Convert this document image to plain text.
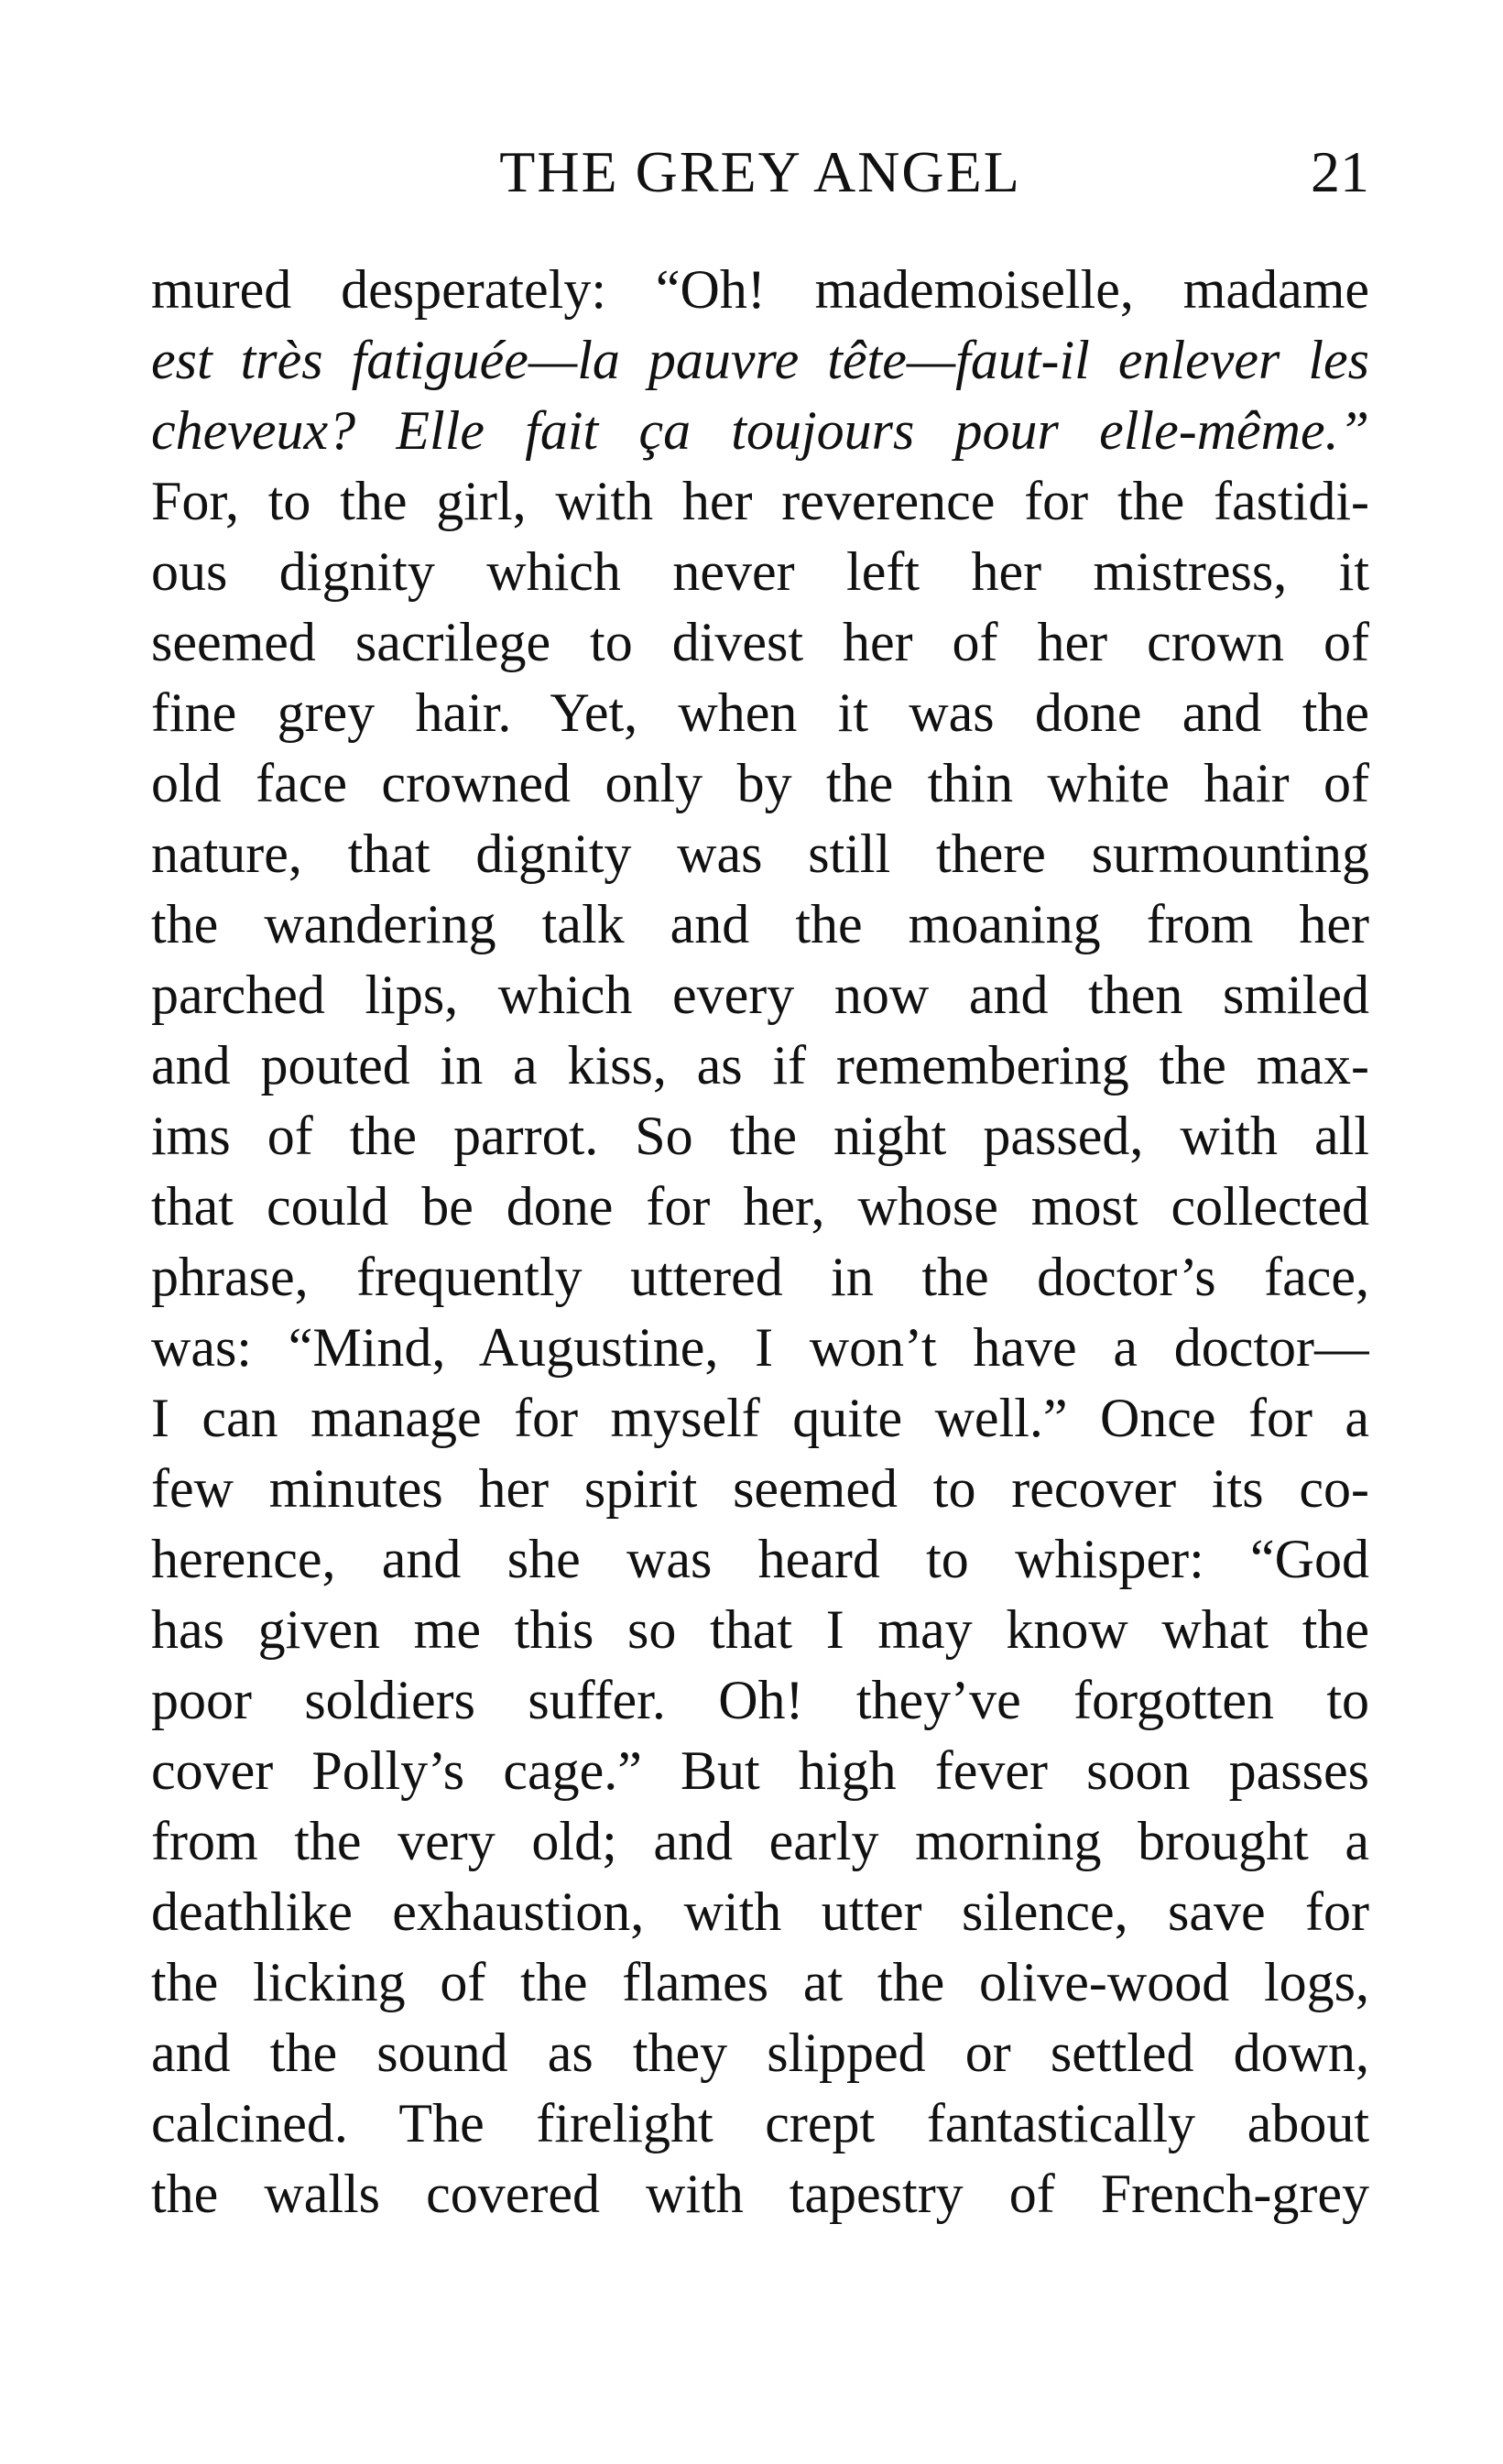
THE GREY ANGEL	21
mured desperately: “Oh! mademoiselle, madame
est très fatiguée—la pauvre tête—faut-il enlever les
cheveux? Elle fait ça toujours pour elle-même.”
For, to the girl, with her reverence for the fastidi-
ous dignity which never left her mistress, it
seemed sacrilege to divest her of her crown of
fine grey hair. Yet, when it was done and the
old face crowned only by the thin white hair of
nature, that dignity was still there surmounting
the wandering talk and the moaning from her
parched lips, which every now and then smiled
and pouted in a kiss, as if remembering the max-
ims of the parrot. So the night passed, with all
that could be done for her, whose most collected
phrase, frequently uttered in the doctor’s face,
was: “Mind, Augustine, I won’t have a doctor—
I can manage for myself quite well.” Once for a
few minutes her spirit seemed to recover its co-
herence, and she was heard to whisper: “God
has given me this so that I may know what the
poor soldiers suffer. Oh! they’ve forgotten to
cover Polly’s cage.” But high fever soon passes
from the very old; and early morning brought a
deathlike exhaustion, with utter silence, save for
the licking of the flames at the olive-wood logs,
and the sound as they slipped or settled down,
calcined. The firelight crept fantastically about
the walls covered with tapestry of French-grey
